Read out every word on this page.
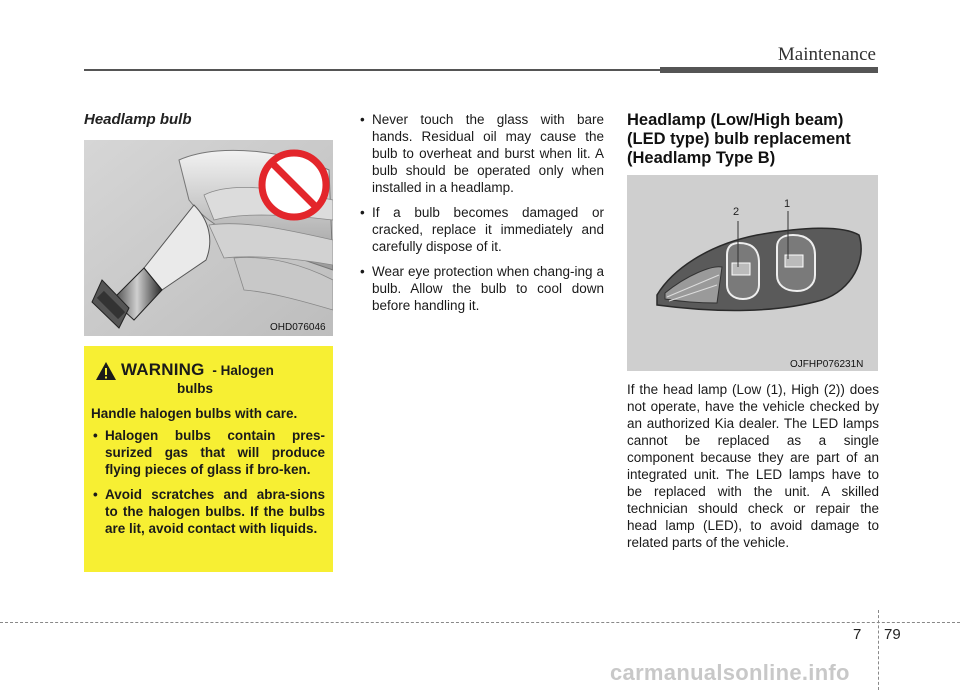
Maintenance
Headlamp bulb
OHD076046
WARNING - Halogen
bulbs
Handle halogen bulbs with care.
• Halogen bulbs contain pres-surized gas that will produce flying pieces of glass if bro-ken.
• Avoid scratches and abra-sions to the halogen bulbs. If the bulbs are lit, avoid contact with liquids.
• Never touch the glass with bare hands. Residual oil may cause the bulb to overheat and burst when lit. A bulb should be operated only when installed in a headlamp.
• If a bulb becomes damaged or cracked, replace it immediately and carefully dispose of it.
• Wear eye protection when chang-ing a bulb. Allow the bulb to cool down before handling it.
Headlamp (Low/High beam) (LED type) bulb replacement (Headlamp Type B)
2
1
OJFHP076231N
If the head lamp (Low (1), High (2)) does not operate, have the vehicle checked by an authorized Kia dealer. The LED lamps cannot be replaced as a single component because they are part of an integrated unit. The LED lamps have to be replaced with the unit. A skilled technician should check or repair the head lamp (LED), to avoid damage to related parts of the vehicle.
7 79
carmanualsonline.info
